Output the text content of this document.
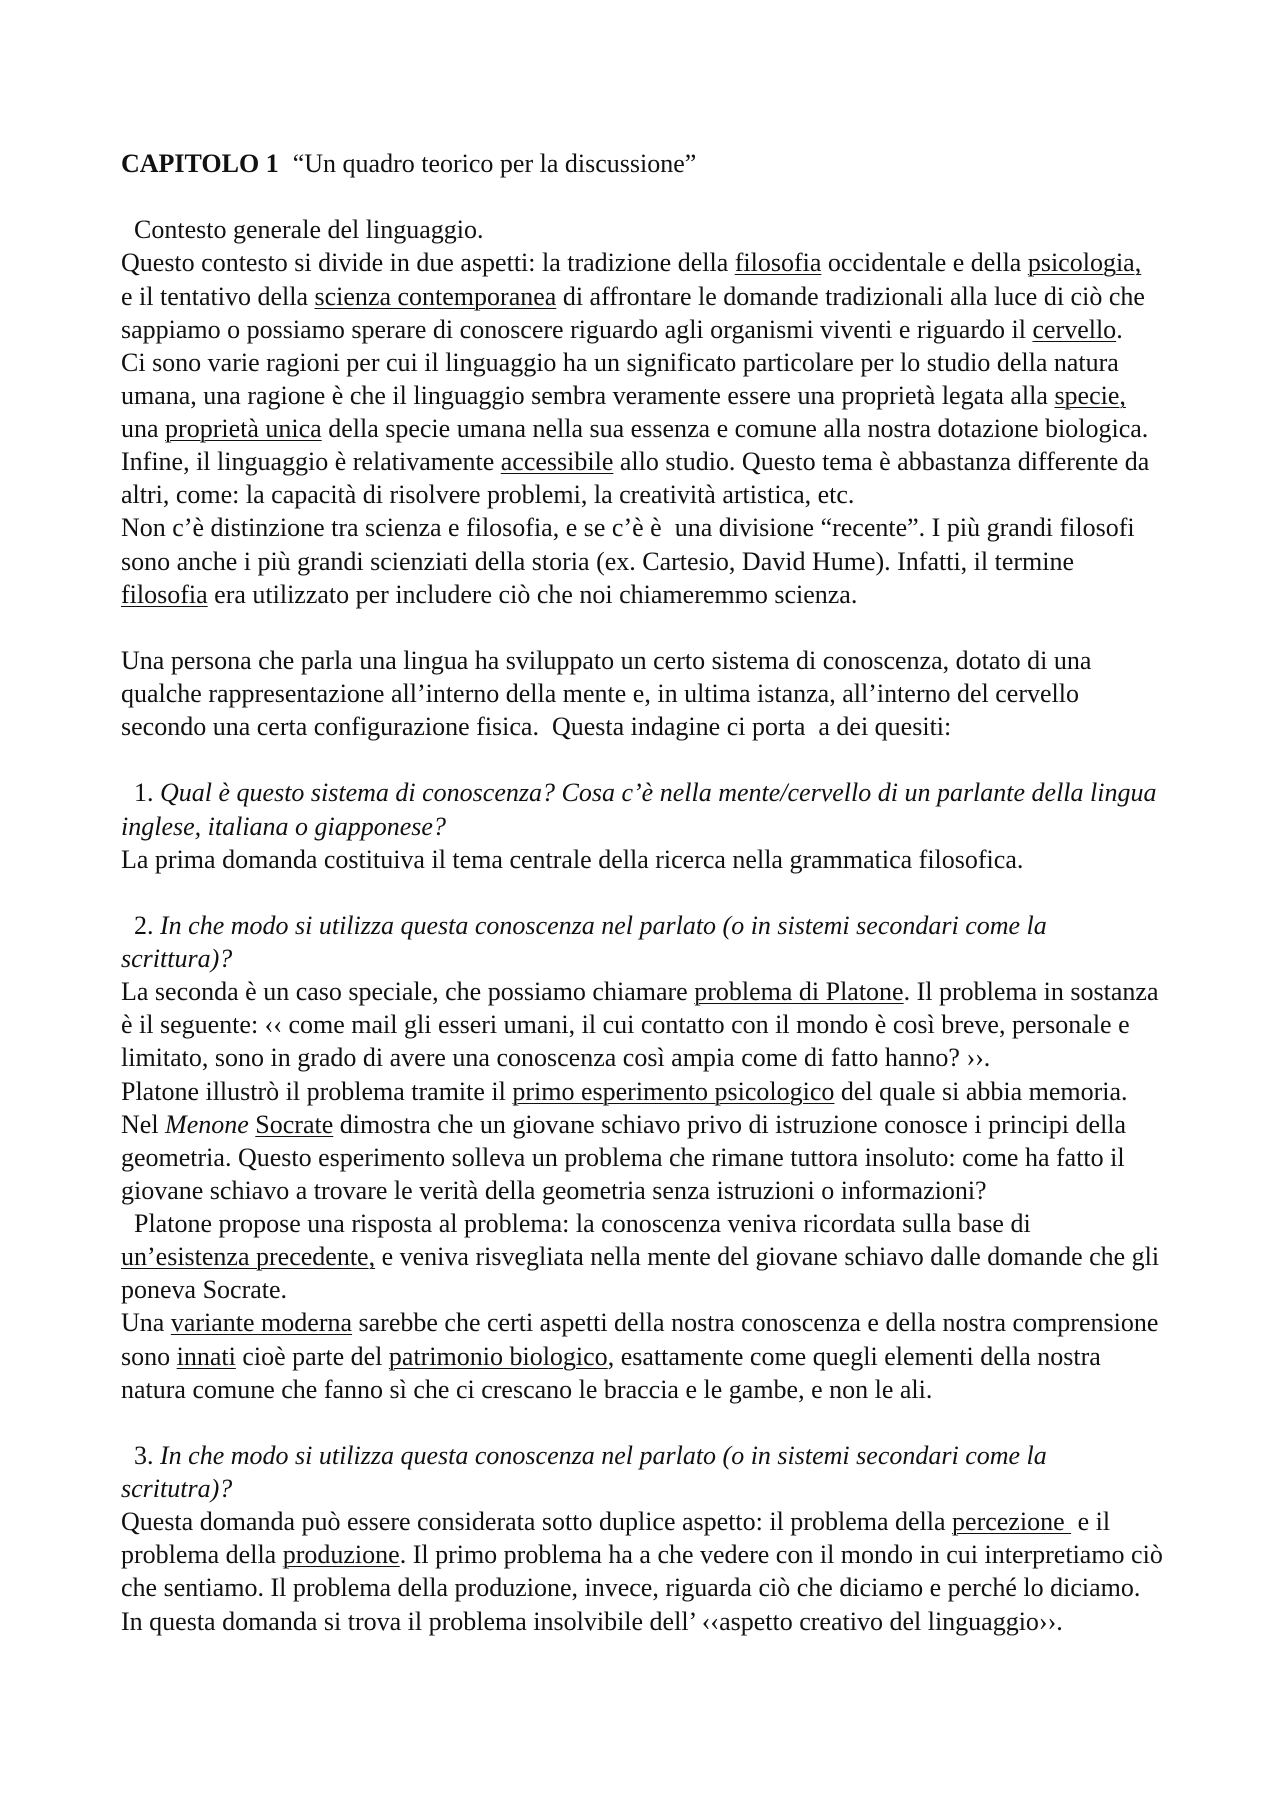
CAPITOLO 1 “Un quadro teorico per la discussione”
Contesto generale del linguaggio.
Questo contesto si divide in due aspetti: la tradizione della filosofia occidentale e della psicologia,
e il tentativo della scienza contemporanea di affrontare le domande tradizionali alla luce di ciò che
sappiamo o possiamo sperare di conoscere riguardo agli organismi viventi e riguardo il cervello.
Ci sono varie ragioni per cui il linguaggio ha un significato particolare per lo studio della natura
umana, una ragione è che il linguaggio sembra veramente essere una proprietà legata alla specie,
una proprietà unica della specie umana nella sua essenza e comune alla nostra dotazione biologica.
Infine, il linguaggio è relativamente accessibile allo studio. Questo tema è abbastanza differente da
altri, come: la capacità di risolvere problemi, la creatività artistica, etc.
Non c’è distinzione tra scienza e filosofia, e se c’è è  una divisione “recente”. I più grandi filosofi
sono anche i più grandi scienziati della storia (ex. Cartesio, David Hume). Infatti, il termine
filosofia era utilizzato per includere ciò che noi chiameremmo scienza.
Una persona che parla una lingua ha sviluppato un certo sistema di conoscenza, dotato di una
qualche rappresentazione all’interno della mente e, in ultima istanza, all’interno del cervello
secondo una certa configurazione fisica.  Questa indagine ci porta  a dei quesiti:
1. Qual è questo sistema di conoscenza? Cosa c’è nella mente/cervello di un parlante della lingua
inglese, italiana o giapponese?
La prima domanda costituiva il tema centrale della ricerca nella grammatica filosofica.
2. In che modo si utilizza questa conoscenza nel parlato (o in sistemi secondari come la
scrittura)?
La seconda è un caso speciale, che possiamo chiamare problema di Platone. Il problema in sostanza
è il seguente: ‹‹ come mail gli esseri umani, il cui contatto con il mondo è così breve, personale e
limitato, sono in grado di avere una conoscenza così ampia come di fatto hanno? ››.
Platone illustrò il problema tramite il primo esperimento psicologico del quale si abbia memoria.
Nel Menone Socrate dimostra che un giovane schiavo privo di istruzione conosce i principi della
geometria. Questo esperimento solleva un problema che rimane tuttora insoluto: come ha fatto il
giovane schiavo a trovare le verità della geometria senza istruzioni o informazioni?
Platone propose una risposta al problema: la conoscenza veniva ricordata sulla base di
un’esistenza precedente, e veniva risvegliata nella mente del giovane schiavo dalle domande che gli
poneva Socrate.
Una variante moderna sarebbe che certi aspetti della nostra conoscenza e della nostra comprensione
sono innati cioè parte del patrimonio biologico, esattamente come quegli elementi della nostra
natura comune che fanno sì che ci crescano le braccia e le gambe, e non le ali.
3. In che modo si utilizza questa conoscenza nel parlato (o in sistemi secondari come la
scritutra)?
Questa domanda può essere considerata sotto duplice aspetto: il problema della percezione  e il
problema della produzione. Il primo problema ha a che vedere con il mondo in cui interpretiamo ciò
che sentiamo. Il problema della produzione, invece, riguarda ciò che diciamo e perché lo diciamo.
In questa domanda si trova il problema insolvibile dell’ ‹‹aspetto creativo del linguaggio››.
